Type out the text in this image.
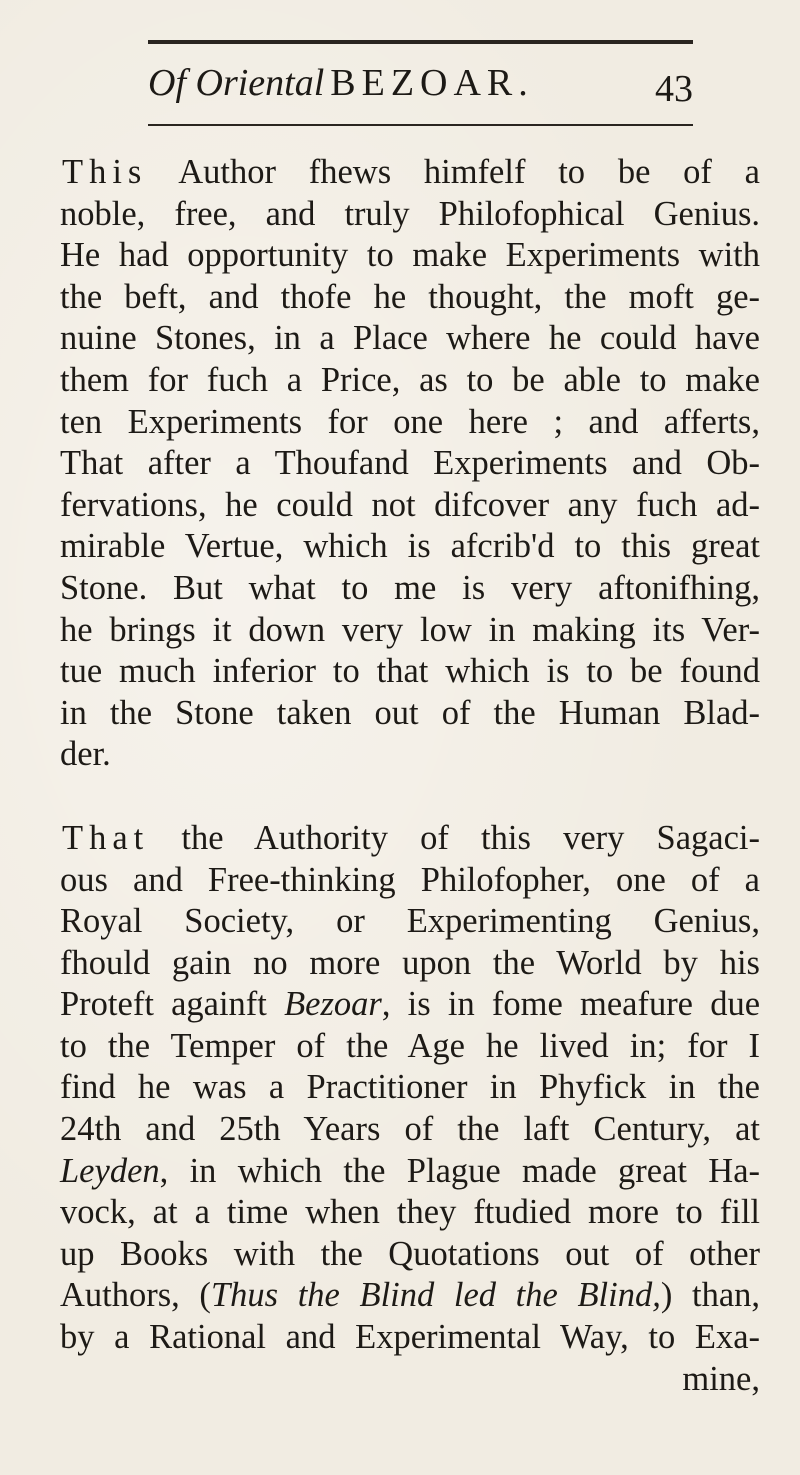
Of Oriental BEZOAR.	43
This Author fhews himfelf to be of a
noble, free, and truly Philofophical Genius.
He had opportunity to make Experiments with
the beft, and thofe he thought, the moft ge-
nuine Stones, in a Place where he could have
them for fuch a Price, as to be able to make
ten Experiments for one here ; and afferts,
That after a Thoufand Experiments and Ob-
fervations, he could not difcover any fuch ad-
mirable Vertue, which is afcrib'd to this great
Stone. But what to me is very aftonifhing,
he brings it down very low in making its Ver-
tue much inferior to that which is to be found
in the Stone taken out of the Human Blad-
der.
That the Authority of this very Sagaci-
ous and Free-thinking Philofopher, one of a
Royal Society, or Experimenting Genius,
fhould gain no more upon the World by his
Proteft againft Bezoar, is in fome meafure due
to the Temper of the Age he lived in; for I
find he was a Practitioner in Phyfick in the
24th and 25th Years of the laft Century, at
Leyden, in which the Plague made great Ha-
vock, at a time when they ftudied more to fill
up Books with the Quotations out of other
Authors, (Thus the Blind led the Blind,) than,
by a Rational and Experimental Way, to Exa-
mine,
